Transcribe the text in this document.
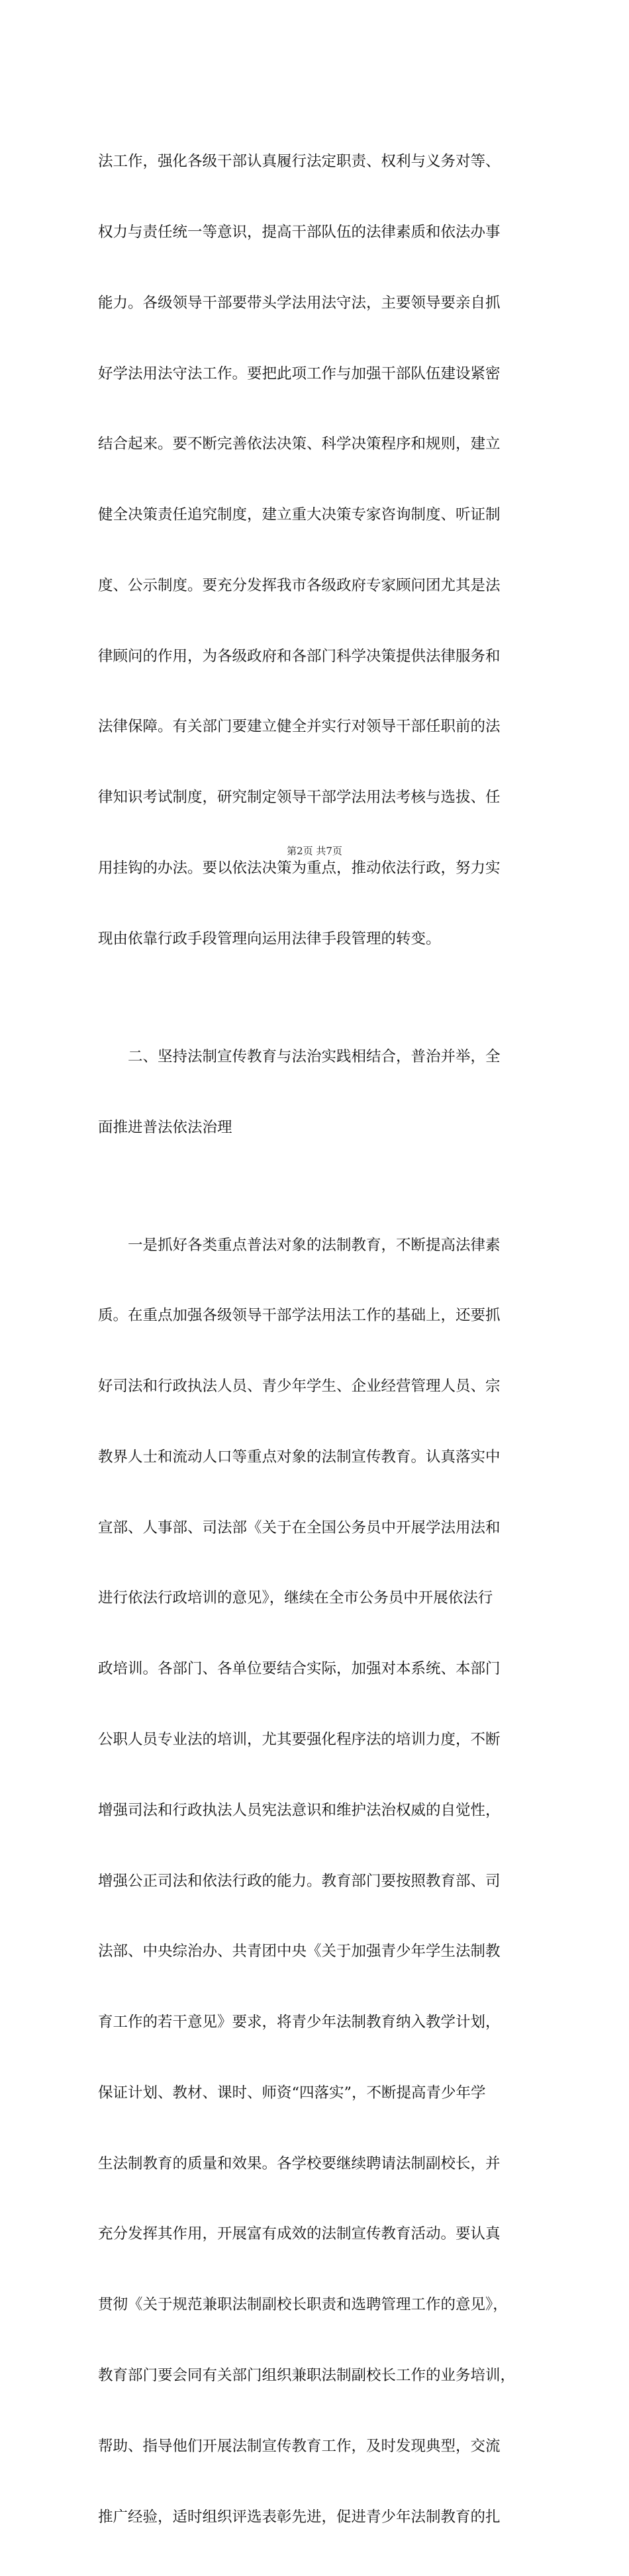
法工作，强化各级干部认真履行法定职责、权利与义务对等、

权力与责任统一等意识，提高干部队伍的法律素质和依法办事

能力。各级领导干部要带头学法用法守法，主要领导要亲自抓

好学法用法守法工作。要把此项工作与加强干部队伍建设紧密

结合起来。要不断完善依法决策、科学决策程序和规则，建立

健全决策责任追究制度，建立重大决策专家咨询制度、听证制

度、公示制度。要充分发挥我市各级政府专家顾问团尤其是法

律顾问的作用，为各级政府和各部门科学决策提供法律服务和

法律保障。有关部门要建立健全并实行对领导干部任职前的法

律知识考试制度，研究制定领导干部学法用法考核与选拔、任

用挂钩的办法。要以依法决策为重点，推动依法行政，努力实

现由依靠行政手段管理向运用法律手段管理的转变。

二、坚持法制宣传教育与法治实践相结合，普治并举，全

面推进普法依法治理

一是抓好各类重点普法对象的法制教育，不断提高法律素

质。在重点加强各级领导干部学法用法工作的基础上，还要抓

好司法和行政执法人员、青少年学生、企业经营管理人员、宗

教界人士和流动人口等重点对象的法制宣传教育。认真落实中

宣部、人事部、司法部《关于在全国公务员中开展学法用法和

进行依法行政培训的意见》，继续在全市公务员中开展依法行

政培训。各部门、各单位要结合实际，加强对本系统、本部门

公职人员专业法的培训，尤其要强化程序法的培训力度，不断

增强司法和行政执法人员宪法意识和维护法治权威的自觉性，

增强公正司法和依法行政的能力。教育部门要按照教育部、司

法部、中央综治办、共青团中央《关于加强青少年学生法制教

育工作的若干意见》要求，将青少年法制教育纳入教学计划，

保证计划、教材、课时、师资“四落实”，不断提高青少年学

生法制教育的质量和效果。各学校要继续聘请法制副校长，并

充分发挥其作用，开展富有成效的法制宣传教育活动。要认真

贯彻《关于规范兼职法制副校长职责和选聘管理工作的意见》，

教育部门要会同有关部门组织兼职法制副校长工作的业务培训，

帮助、指导他们开展法制宣传教育工作，及时发现典型，交流

推广经验，适时组织评选表彰先进，促进青少年法制教育的扎

第2页 共7页
